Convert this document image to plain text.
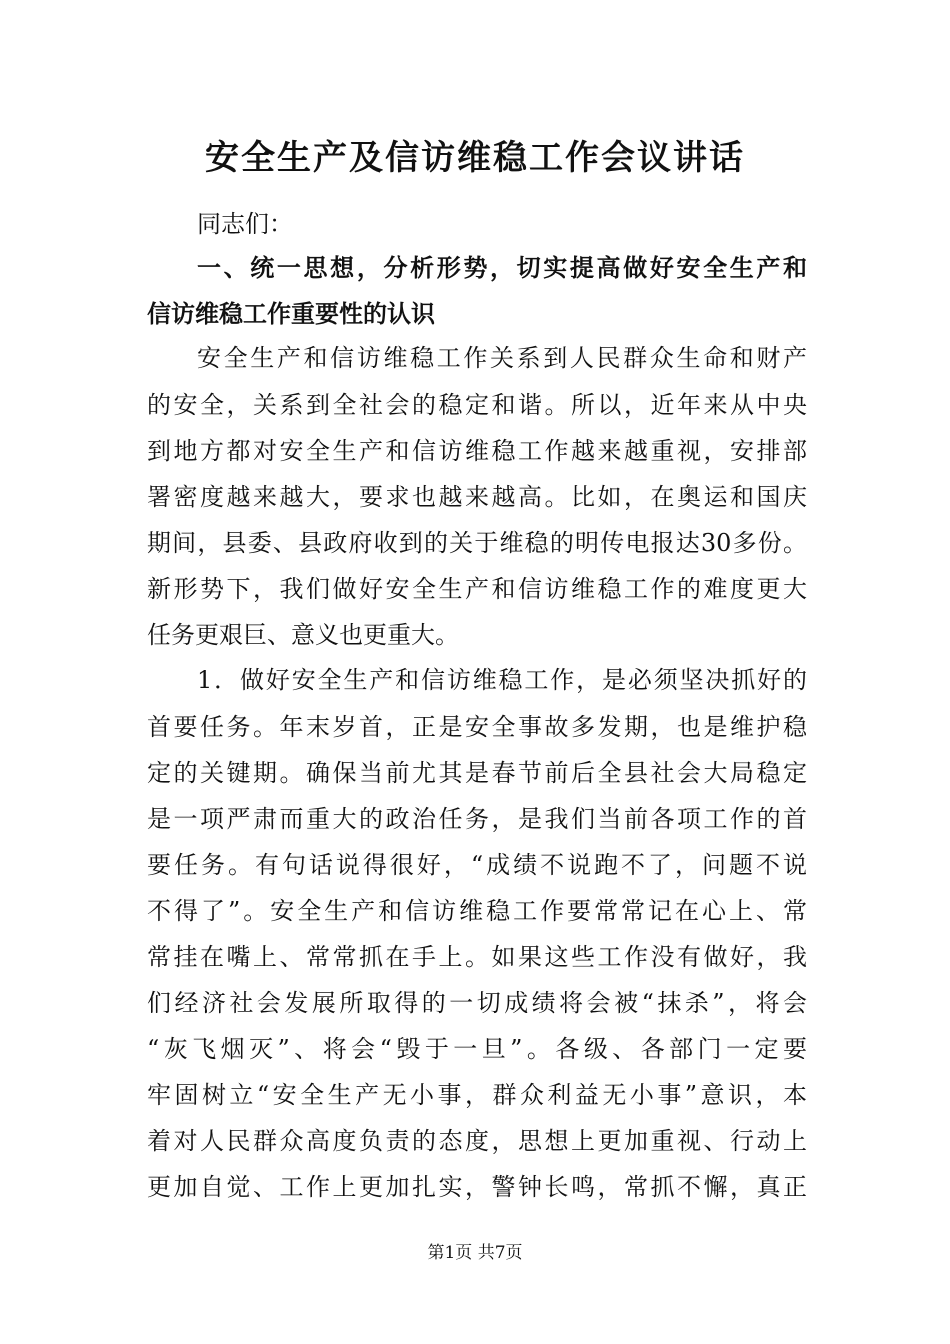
安全生产及信访维稳工作会议讲话
同志们：
一、统一思想，分析形势，切实提高做好安全生产和
信访维稳工作重要性的认识
安全生产和信访维稳工作关系到人民群众生命和财产
的安全，关系到全社会的稳定和谐。所以，近年来从中央
到地方都对安全生产和信访维稳工作越来越重视，安排部
署密度越来越大，要求也越来越高。比如，在奥运和国庆
期间，县委、县政府收到的关于维稳的明传电报达30多份。
新形势下，我们做好安全生产和信访维稳工作的难度更大
任务更艰巨、意义也更重大。
1．做好安全生产和信访维稳工作，是必须坚决抓好的
首要任务。年末岁首，正是安全事故多发期，也是维护稳
定的关键期。确保当前尤其是春节前后全县社会大局稳定
是一项严肃而重大的政治任务，是我们当前各项工作的首
要任务。有句话说得很好，“成绩不说跑不了，问题不说
不得了”。安全生产和信访维稳工作要常常记在心上、常
常挂在嘴上、常常抓在手上。如果这些工作没有做好，我
们经济社会发展所取得的一切成绩将会被“抹杀”，将会
“灰飞烟灭”、将会“毁于一旦”。各级、各部门一定要
牢固树立“安全生产无小事，群众利益无小事”意识，本
着对人民群众高度负责的态度，思想上更加重视、行动上
更加自觉、工作上更加扎实，警钟长鸣，常抓不懈，真正
第1页 共7页
